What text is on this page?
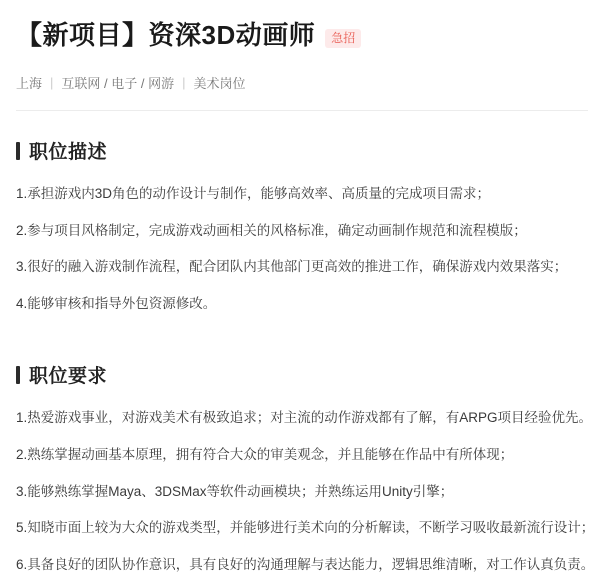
【新项目】资深3D动画师	急招
上海 | 互联网 / 电子 / 网游 | 美术岗位
职位描述
1.承担游戏内3D角色的动作设计与制作，能够高效率、高质量的完成项目需求；
2.参与项目风格制定，完成游戏动画相关的风格标准，确定动画制作规范和流程模版；
3.很好的融入游戏制作流程，配合团队内其他部门更高效的推进工作，确保游戏内效果落实；
4.能够审核和指导外包资源修改。
职位要求
1.热爱游戏事业，对游戏美术有极致追求；对主流的动作游戏都有了解，有ARPG项目经验优先。
2.熟练掌握动画基本原理，拥有符合大众的审美观念，并且能够在作品中有所体现；
3.能够熟练掌握Maya、3DSMax等软件动画模块；并熟练运用Unity引擎；
5.知晓市面上较为大众的游戏类型，并能够进行美术向的分析解读，不断学习吸收最新流行设计；
6.具备良好的团队协作意识，具有良好的沟通理解与表达能力，逻辑思维清晰，对工作认真负责。
